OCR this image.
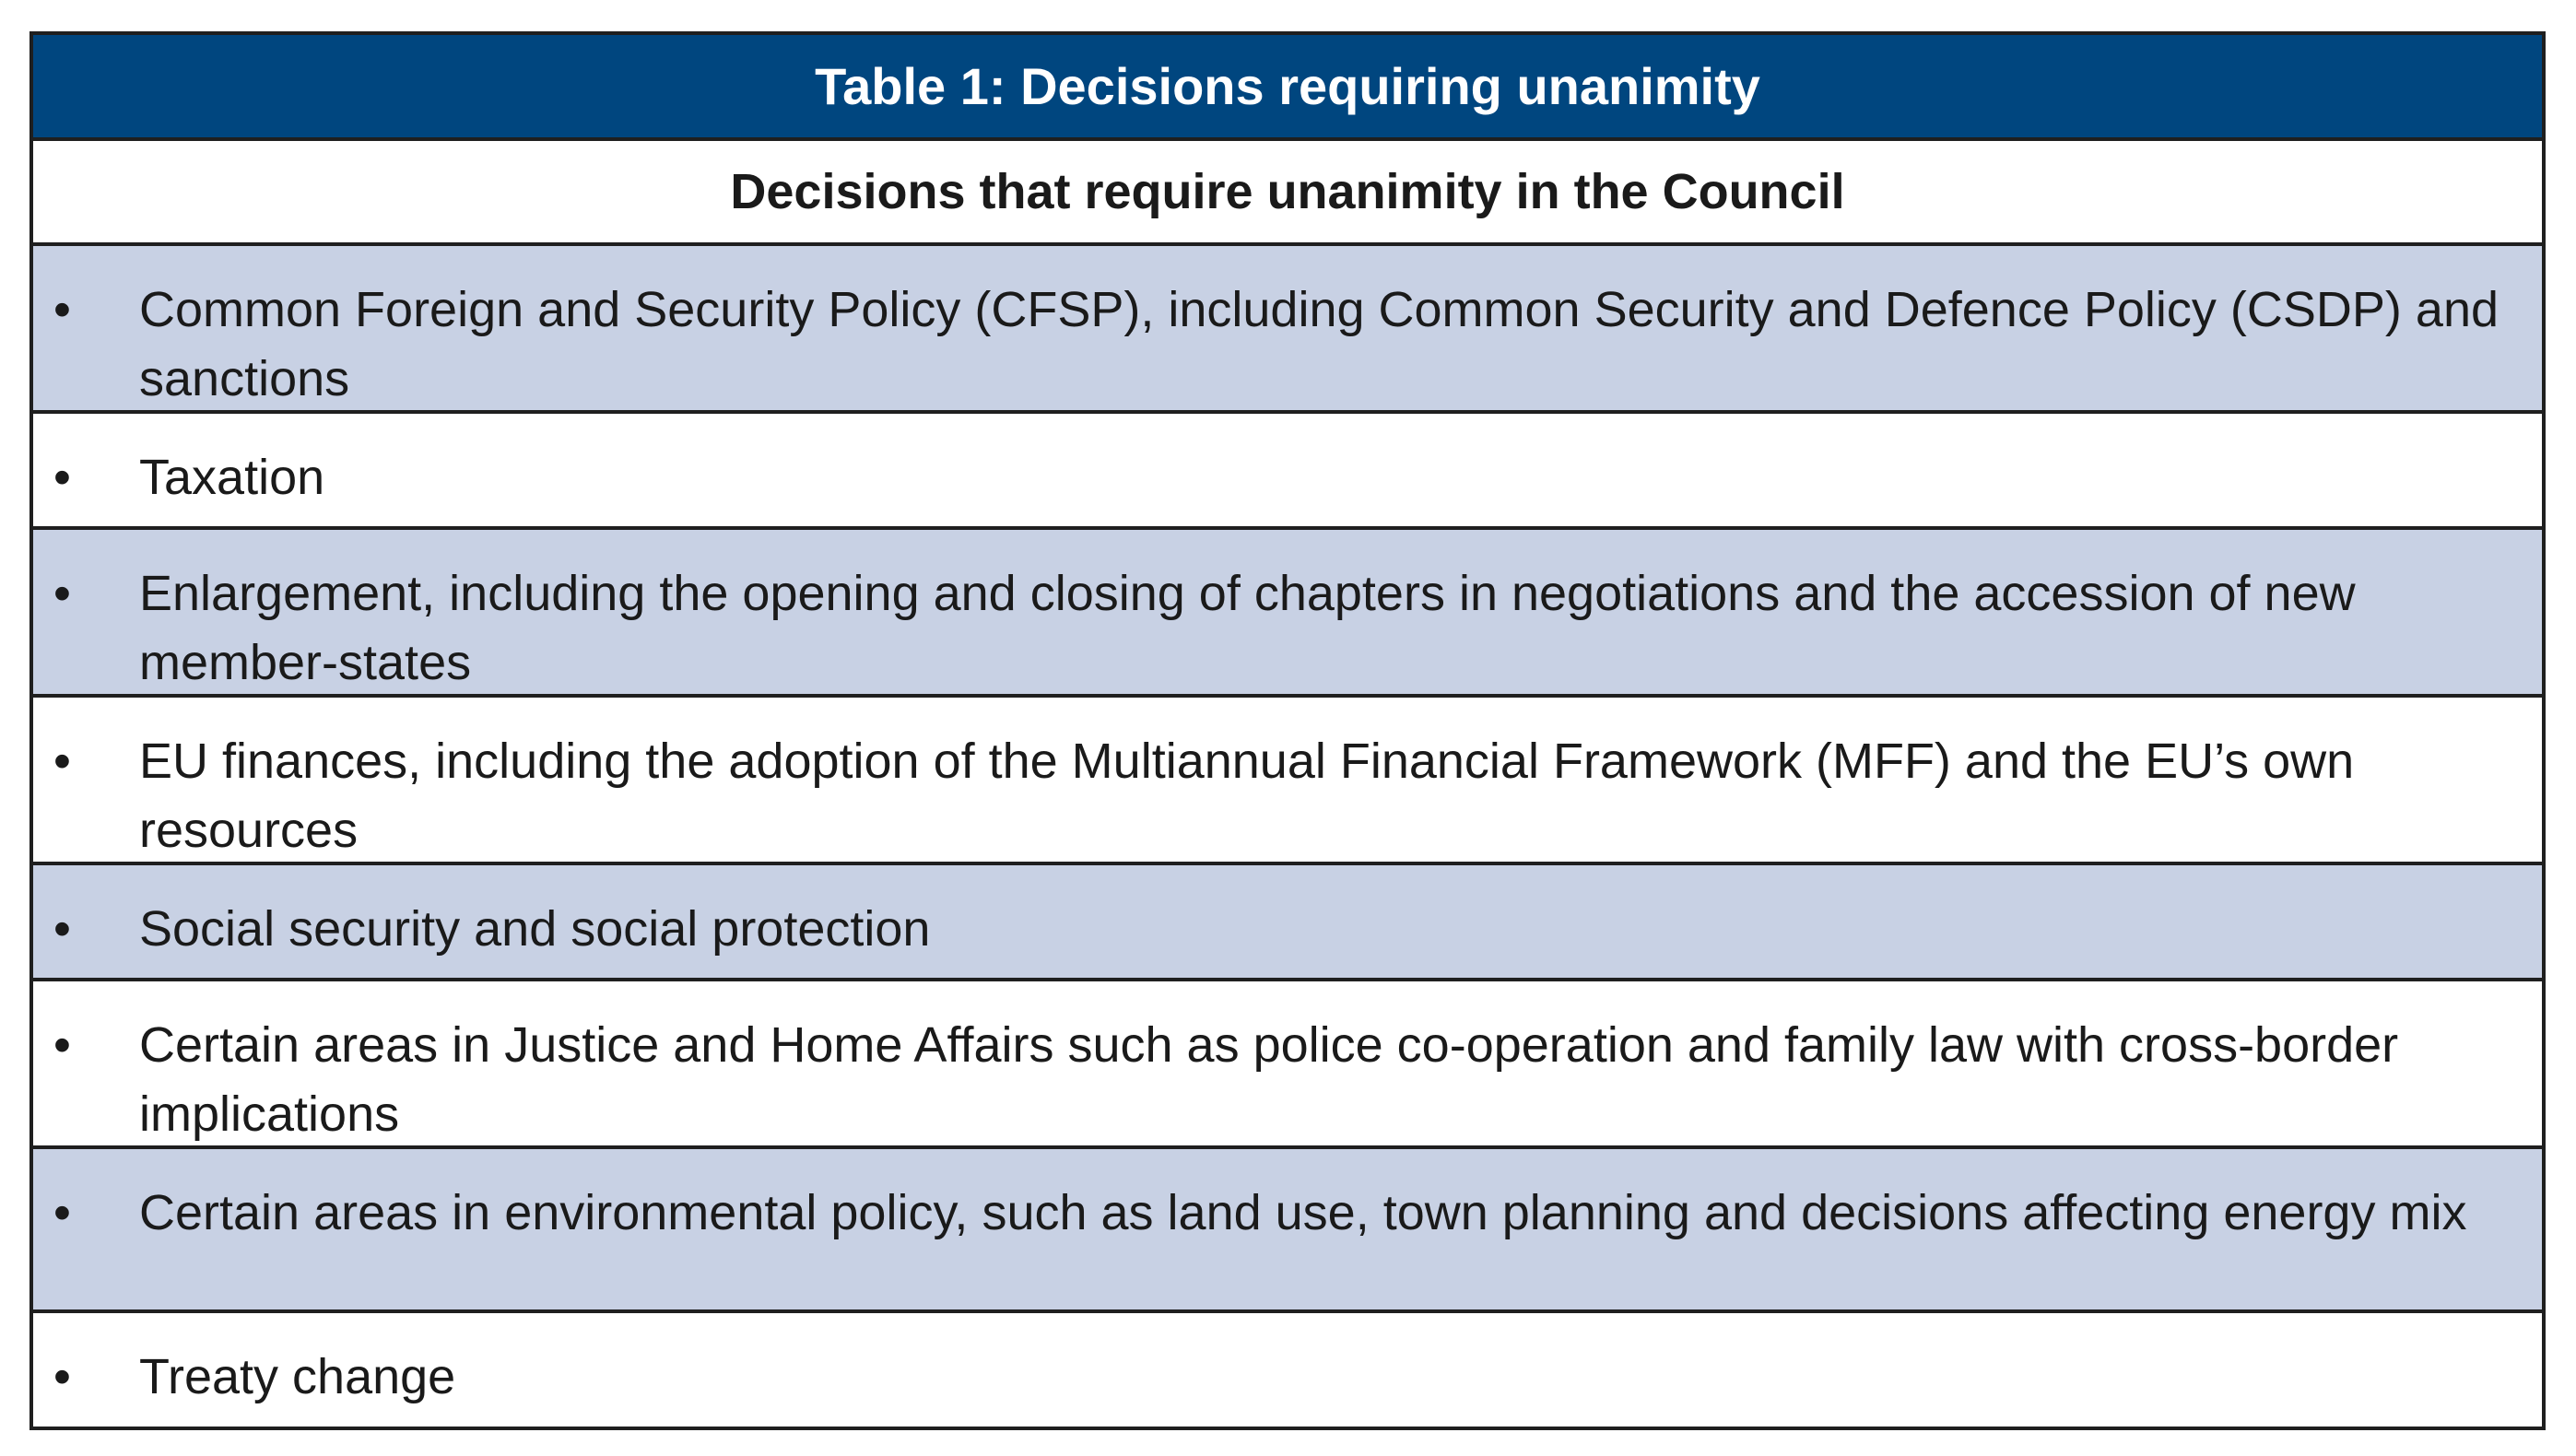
Table 1: Decisions requiring unanimity
Decisions that require unanimity in the Council
• Common Foreign and Security Policy (CFSP), including Common Security and Defence Policy (CSDP) and sanctions
• Taxation
• Enlargement, including the opening and closing of chapters in negotiations and the accession of new member-states
• EU finances, including the adoption of the Multiannual Financial Framework (MFF) and the EU’s own resources
• Social security and social protection
• Certain areas in Justice and Home Affairs such as police co-operation and family law with cross-border implications
• Certain areas in environmental policy, such as land use, town planning and decisions affecting energy mix
• Treaty change
